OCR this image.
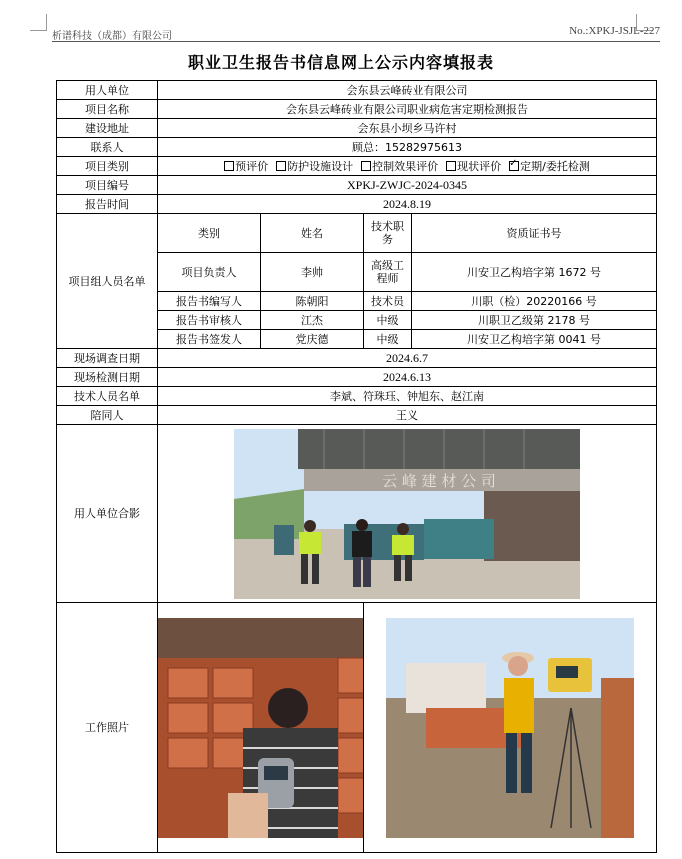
析谱科技（成都）有限公司	No.:XPKJ-JSJL-227
职业卫生报告书信息网上公示内容填报表
用人单位	会东县云峰砖业有限公司			
项目名称	会东县云峰砖业有限公司职业病危害定期检测报告			
建设地址	会东县小坝乡马许村			
联系人	顾总：15282975613			
项目类别	预评价 防护设施设计 控制效果评价 现状评价 ✓ 定期/委托检测
项目编号	XPKJ-ZWJC-2024-0345			
报告时间	2024.8.19			
项目组人员名单	类别	姓名	技术职务	资质证书号
	项目负责人	李帅	高级工程师	川安卫乙构培字第 1672 号
	报告书编写人	陈朝阳	技术员	川职（检）20220166 号
	报告书审核人	江杰	中级	川职卫乙级第 2178 号
	报告书签发人	党庆德	中级	川安卫乙构培字第 0041 号
现场调查日期	2024.6.7			
现场检测日期	2024.6.13			
技术人员名单	李斌、符珠珏、钟旭东、赵江南			
陪同人	王义			
用人单位合影	云 峰 建 材 公 司			

工作照片	
